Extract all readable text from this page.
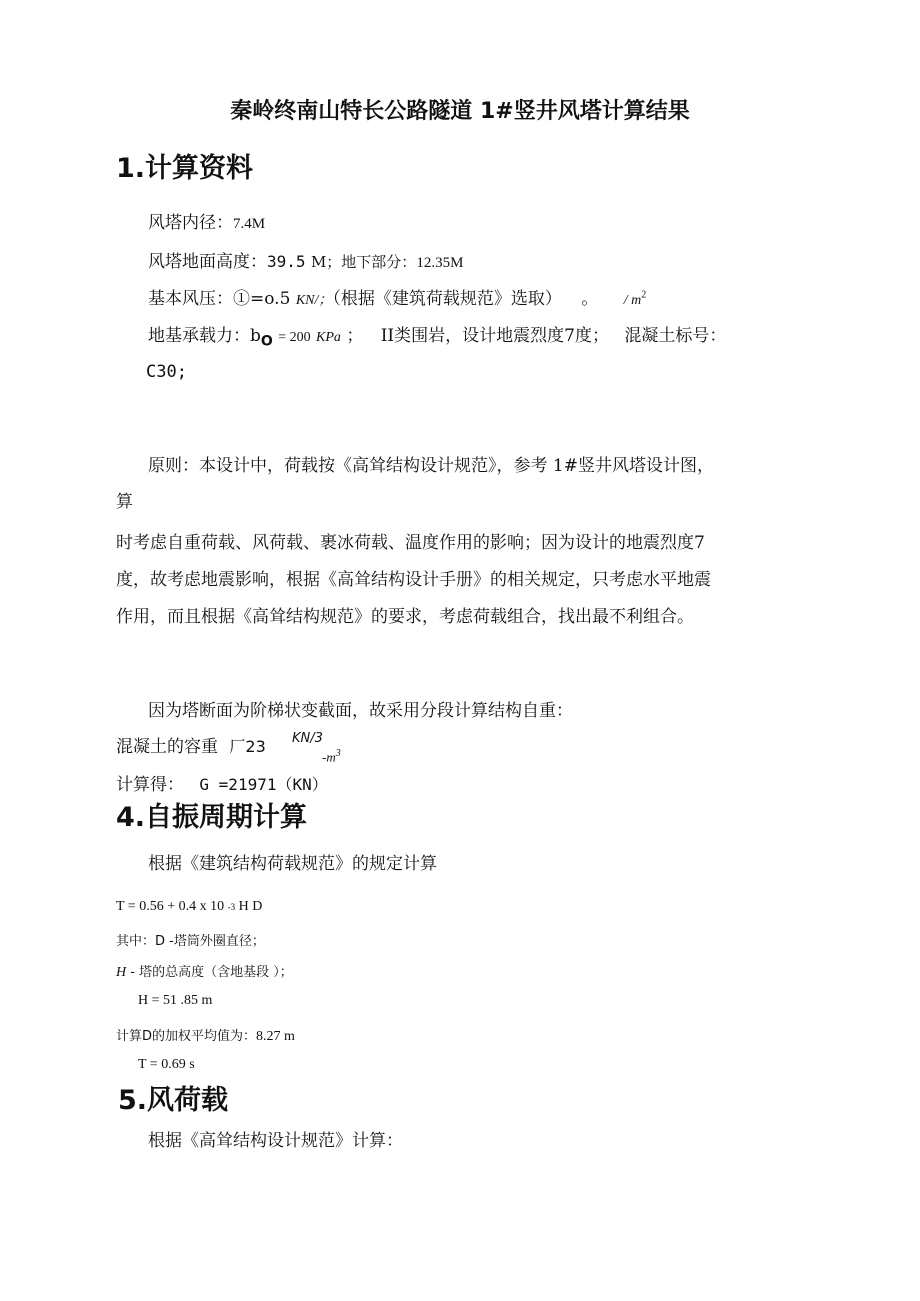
秦岭终南山特长公路隧道 1#竖井风塔计算结果
1.计算资料
风塔内径：7.4M
风塔地面高度：39.5 M；地下部分：12.35M
基本风压：①=o.5 KN/；（根据《建筑荷载规范》选取） 。 / $m^2$
地基承载力：$b_O = 200$ KPa ； II类围岩，设计地震烈度7度； 混凝土标号：
C30;
原则：本设计中，荷载按《高耸结构设计规范》，参考 1#竖井风塔设计图，
算
时考虑自重荷载、风荷载、裹冰荷载、温度作用的影响；因为设计的地震烈度7
度，故考虑地震影响，根据《高耸结构设计手册》的相关规定，只考虑水平地震
作用，而且根据《高耸结构规范》的要求，考虑荷载组合，找出最不利组合。
因为塔断面为阶梯状变截面，故采用分段计算结构自重：
混凝土的容重 厂23 KN/3
$-m^3$
计算得： G =21971（KN）
4.自振周期计算
根据《建筑结构荷载规范》的规定计算
T = 0.56 + 0.4 x 10 -3 H D
其中：D -塔筒外圈直径；
H - 塔的总高度（含地基段 ）；
H = 51 .85 m
计算D的加权平均值为：8.27 m
T = 0.69 s
5.风荷载
根据《高耸结构设计规范》计算：
